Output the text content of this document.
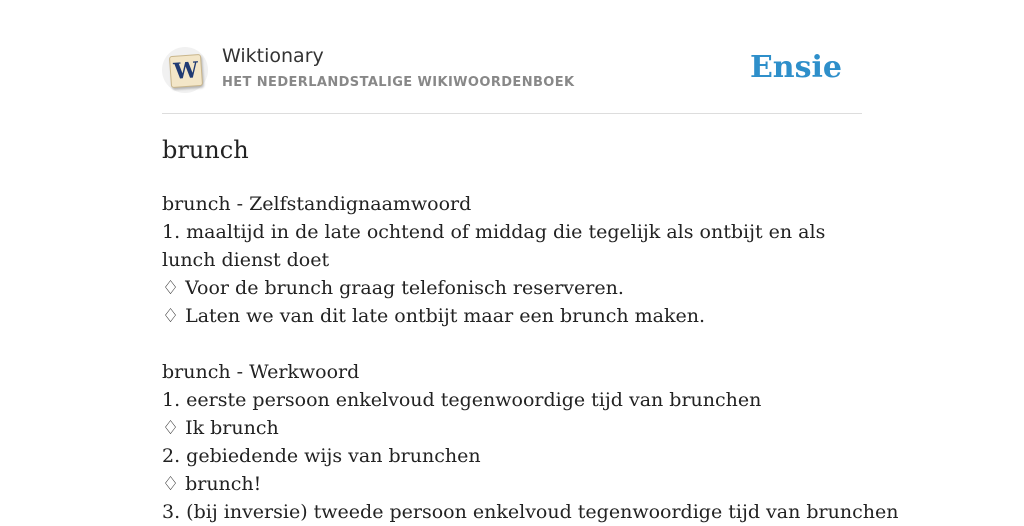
W
Wiktionary
HET NEDERLANDSTALIGE WIKIWOORDENBOEK	Ensie
brunch
brunch - Zelfstandignaamwoord
1. maaltijd in de late ochtend of middag die tegelijk als ontbijt en als lunch dienst doet
♢ Voor de brunch graag telefonisch reserveren.
♢ Laten we van dit late ontbijt maar een brunch maken.
brunch - Werkwoord
1. eerste persoon enkelvoud tegenwoordige tijd van brunchen
♢ Ik brunch
2. gebiedende wijs van brunchen
♢ brunch!
3. (bij inversie) tweede persoon enkelvoud tegenwoordige tijd van brunchen
